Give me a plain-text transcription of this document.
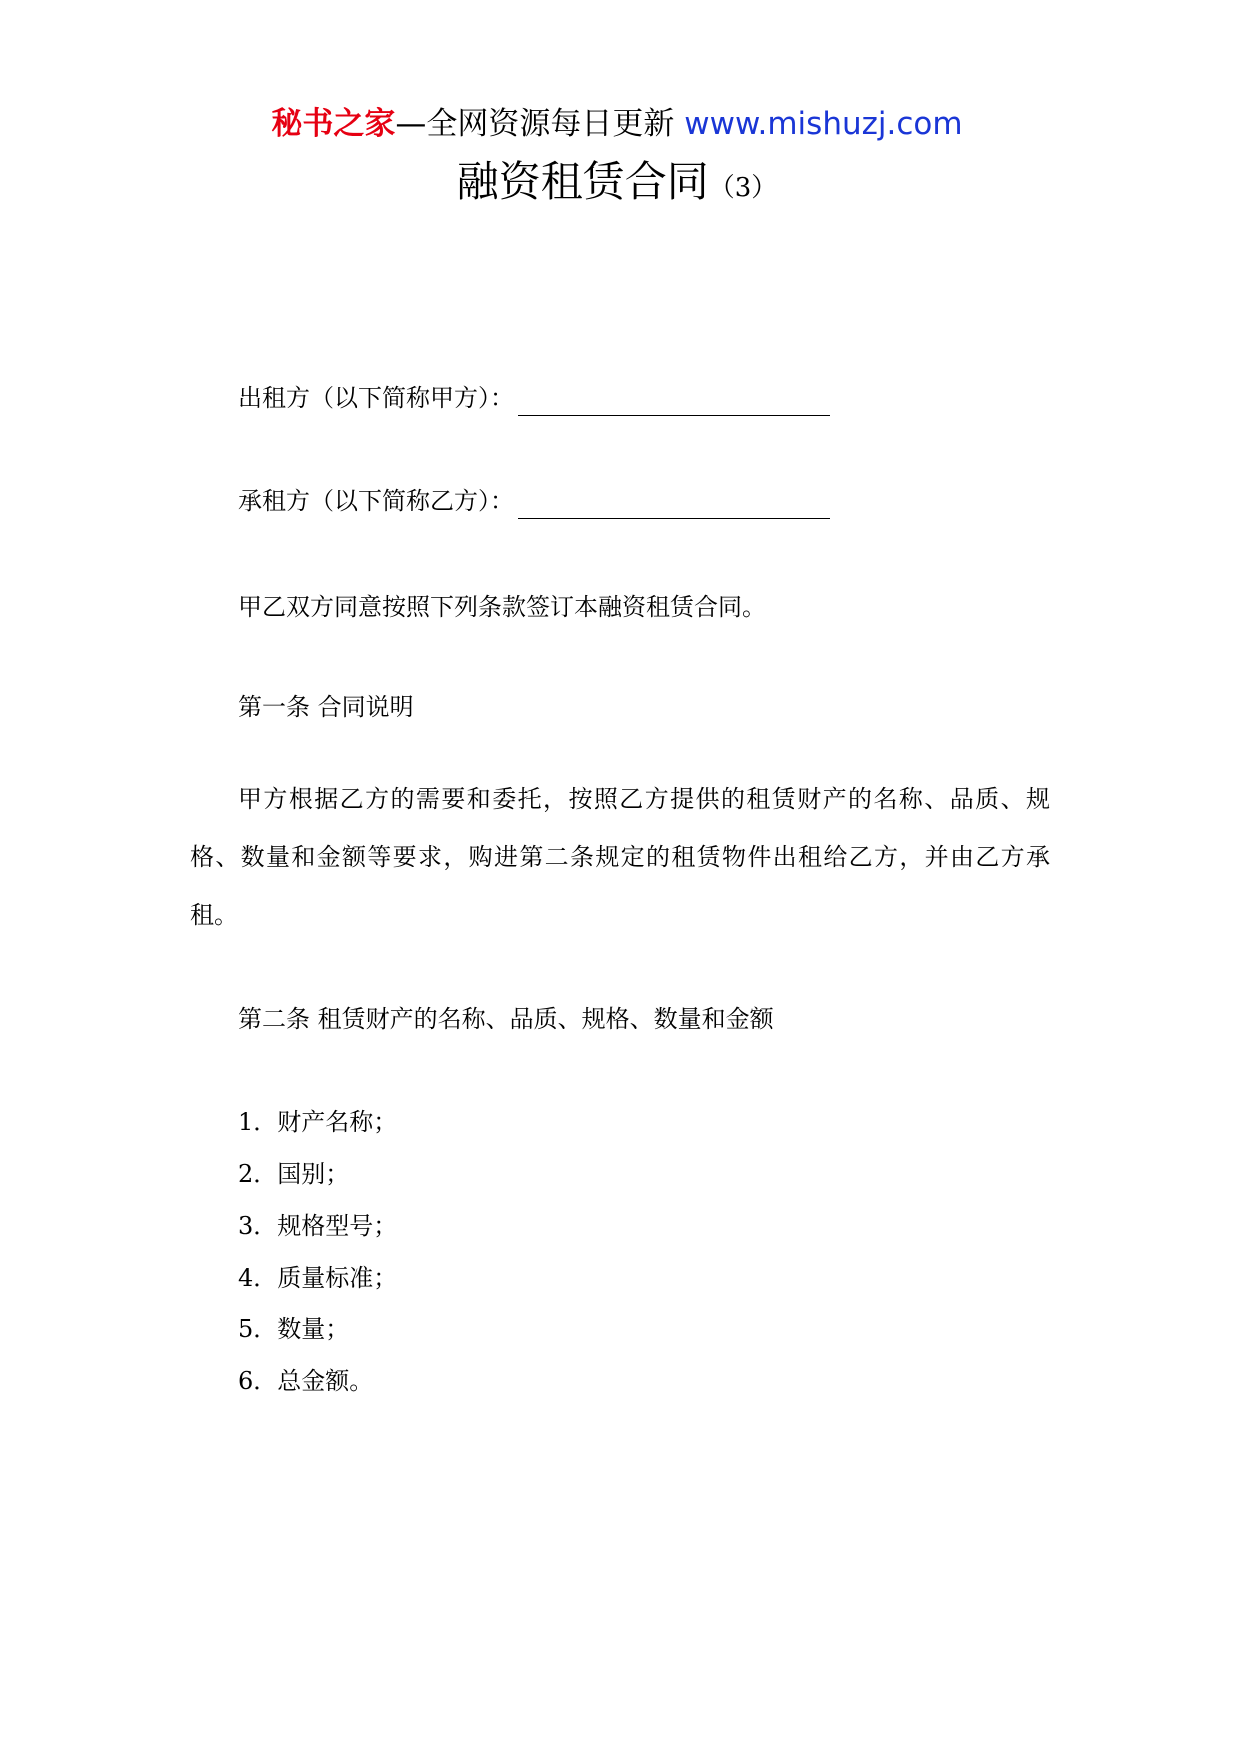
秘书之家—全网资源每日更新 www.mishuzj.com
融资租赁合同（3）
出租方（以下简称甲方）：
承租方（以下简称乙方）：
甲乙双方同意按照下列条款签订本融资租赁合同。
第一条 合同说明
甲方根据乙方的需要和委托，按照乙方提供的租赁财产的名称、品质、规格、数量和金额等要求，购进第二条规定的租赁物件出租给乙方，并由乙方承租。
第二条 租赁财产的名称、品质、规格、数量和金额
1．财产名称；
2．国别；
3．规格型号；
4．质量标准；
5．数量；
6．总金额。
